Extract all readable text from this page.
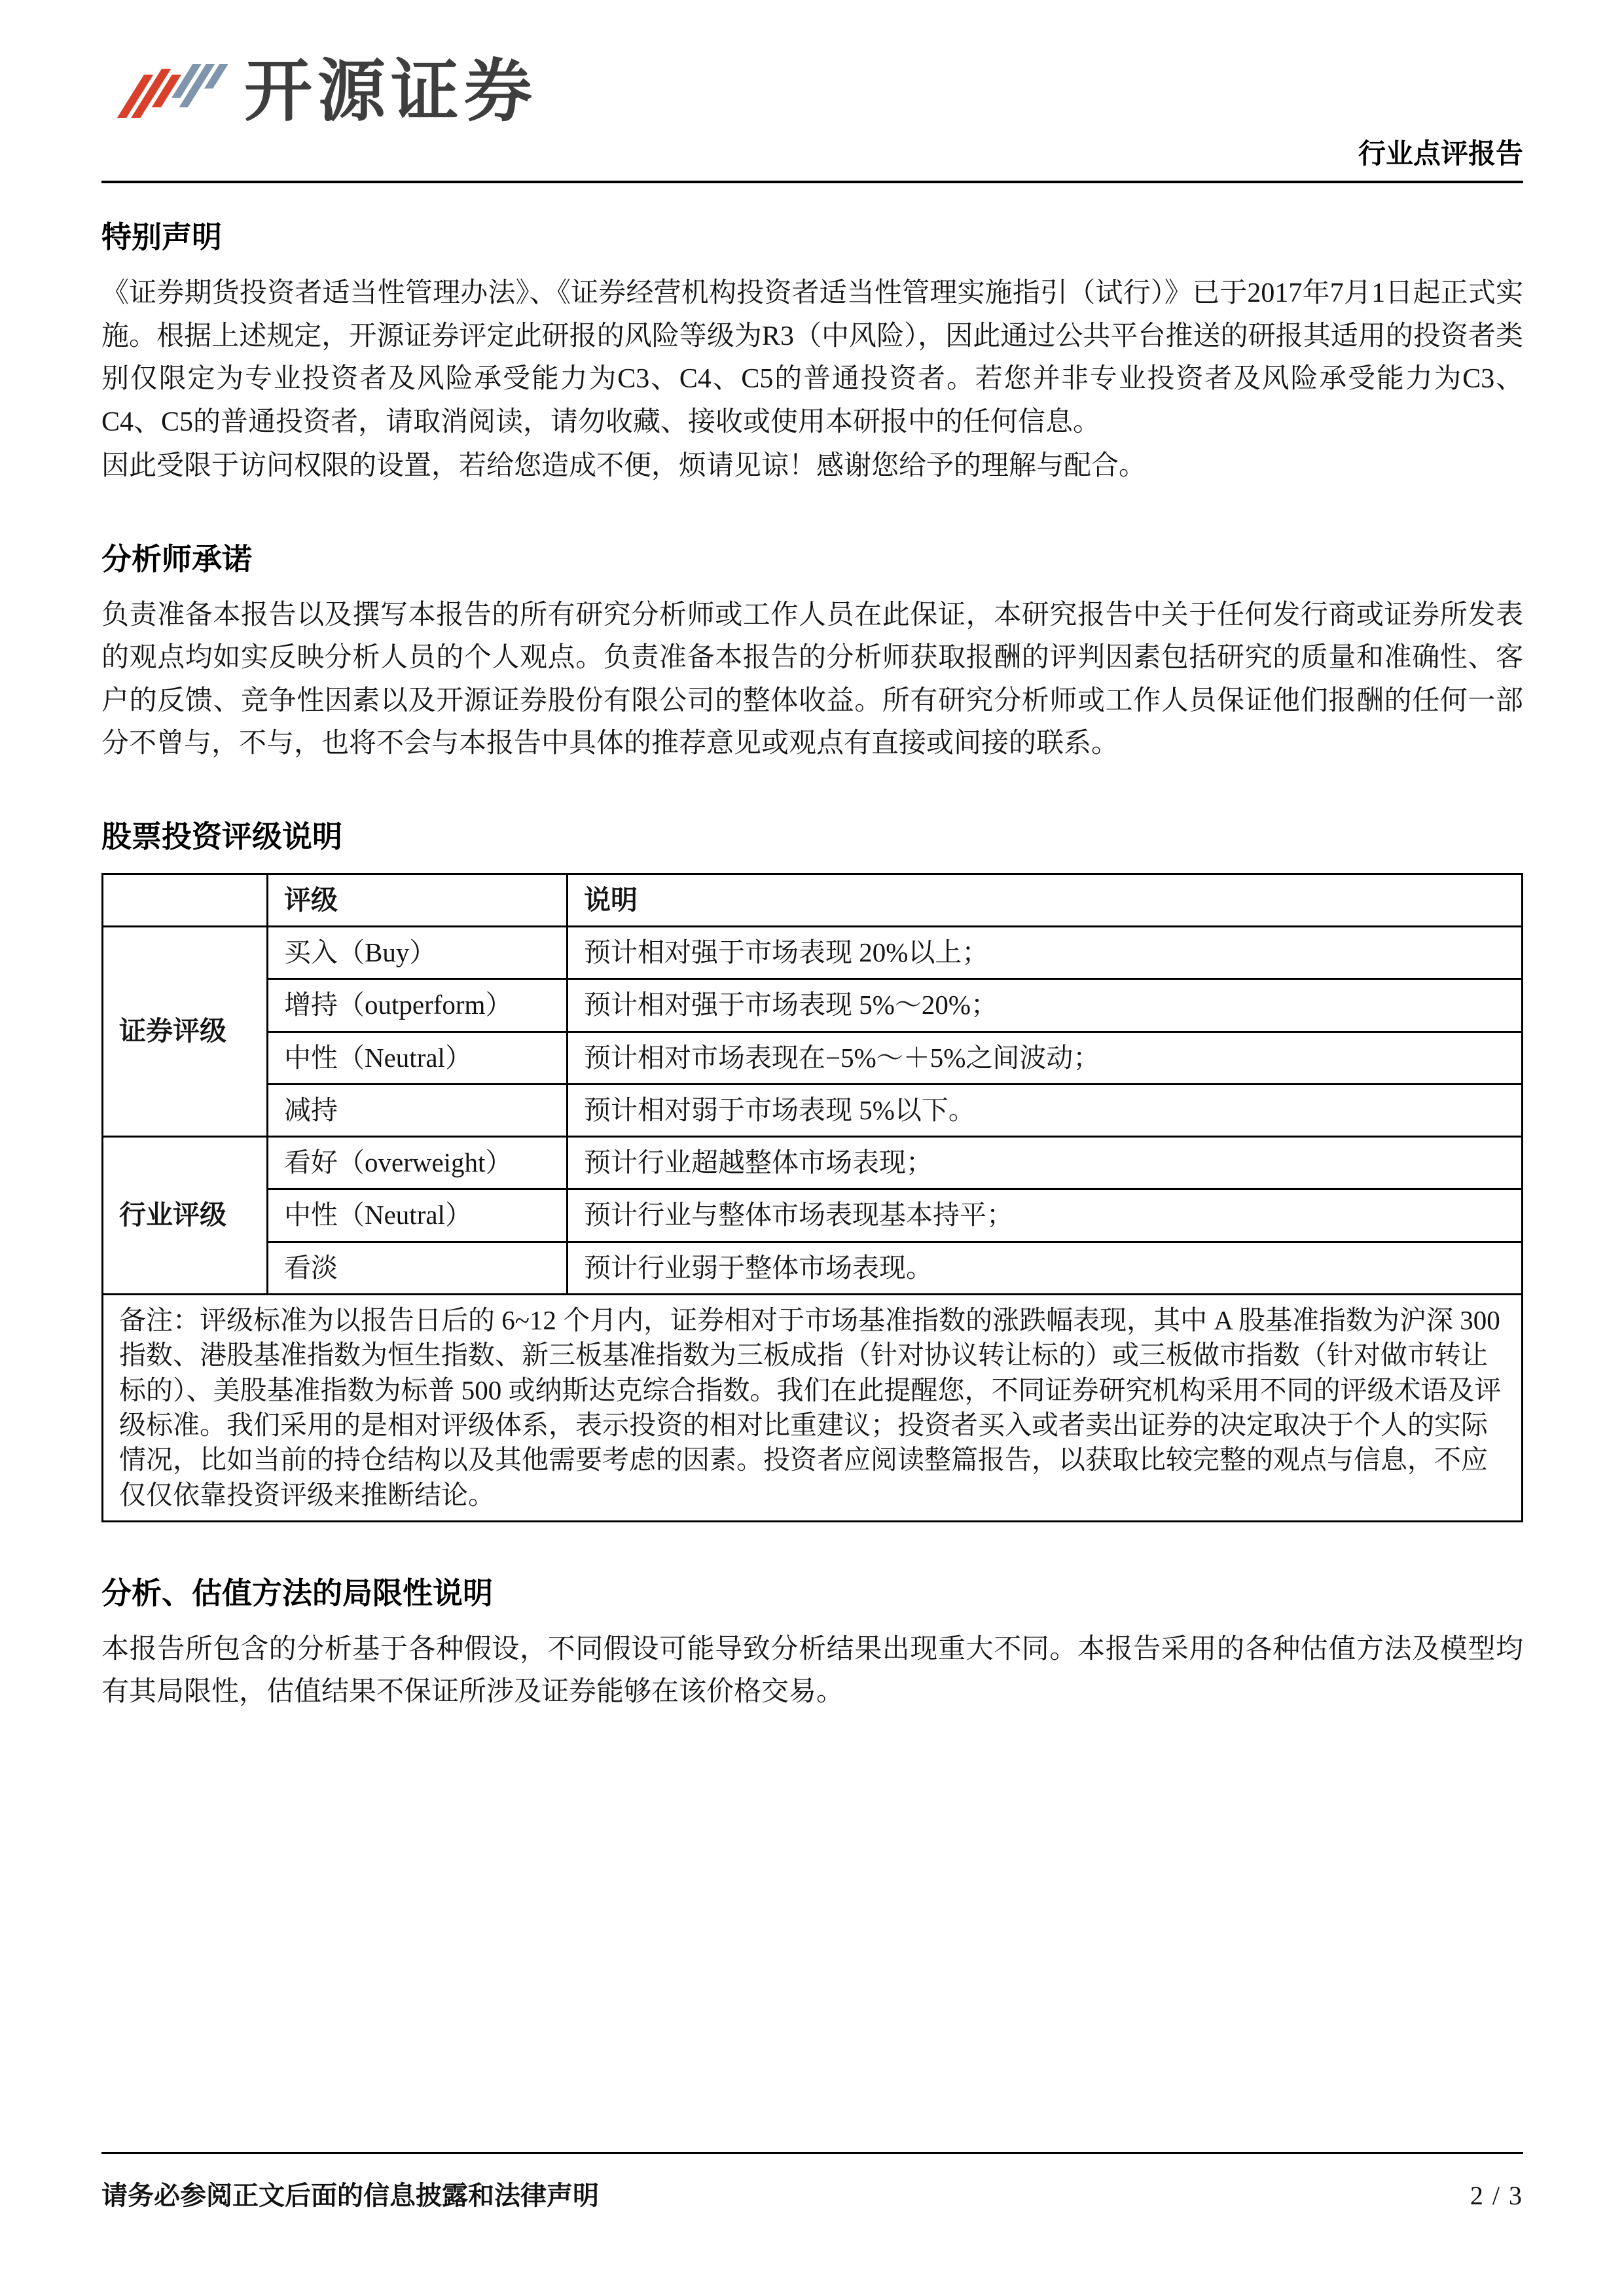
开源证券
行业点评报告
特别声明

《证券期货投资者适当性管理办法》、《证券经营机构投资者适当性管理实施指引（试行）》已于2017年7月1日起正式实施。根据上述规定，开源证券评定此研报的风险等级为R3（中风险），因此通过公共平台推送的研报其适用的投资者类别仅限定为专业投资者及风险承受能力为C3、C4、C5的普通投资者。若您并非专业投资者及风险承受能力为C3、C4、C5的普通投资者，请取消阅读，请勿收藏、接收或使用本研报中的任何信息。

因此受限于访问权限的设置，若给您造成不便，烦请见谅！感谢您给予的理解与配合。

分析师承诺

负责准备本报告以及撰写本报告的所有研究分析师或工作人员在此保证，本研究报告中关于任何发行商或证券所发表的观点均如实反映分析人员的个人观点。负责准备本报告的分析师获取报酬的评判因素包括研究的质量和准确性、客户的反馈、竞争性因素以及开源证券股份有限公司的整体收益。所有研究分析师或工作人员保证他们报酬的任何一部分不曾与，不与，也将不会与本报告中具体的推荐意见或观点有直接或间接的联系。

股票投资评级说明
	评级	说明
证券评级	买入（Buy）	预计相对强于市场表现 20%以上；
	增持（outperform）	预计相对强于市场表现 5%～20%；
	中性（Neutral）	预计相对市场表现在−5%～＋5%之间波动；
	减持	预计相对弱于市场表现 5%以下。
行业评级	看好（overweight）	预计行业超越整体市场表现；
	中性（Neutral）	预计行业与整体市场表现基本持平；
	看淡	预计行业弱于整体市场表现。
备注：评级标准为以报告日后的 6~12 个月内，证券相对于市场基准指数的涨跌幅表现，其中 A 股基准指数为沪深 300 指数、港股基准指数为恒生指数、新三板基准指数为三板成指（针对协议转让标的）或三板做市指数（针对做市转让标的）、美股基准指数为标普 500 或纳斯达克综合指数。我们在此提醒您，不同证券研究机构采用不同的评级术语及评级标准。我们采用的是相对评级体系，表示投资的相对比重建议；投资者买入或者卖出证券的决定取决于个人的实际情况，比如当前的持仓结构以及其他需要考虑的因素。投资者应阅读整篇报告，以获取比较完整的观点与信息，不应仅仅依靠投资评级来推断结论。		
分析、估值方法的局限性说明

本报告所包含的分析基于各种假设，不同假设可能导致分析结果出现重大不同。本报告采用的各种估值方法及模型均有其局限性，估值结果不保证所涉及证券能够在该价格交易。

请务必参阅正文后面的信息披露和法律声明	2 / 3
